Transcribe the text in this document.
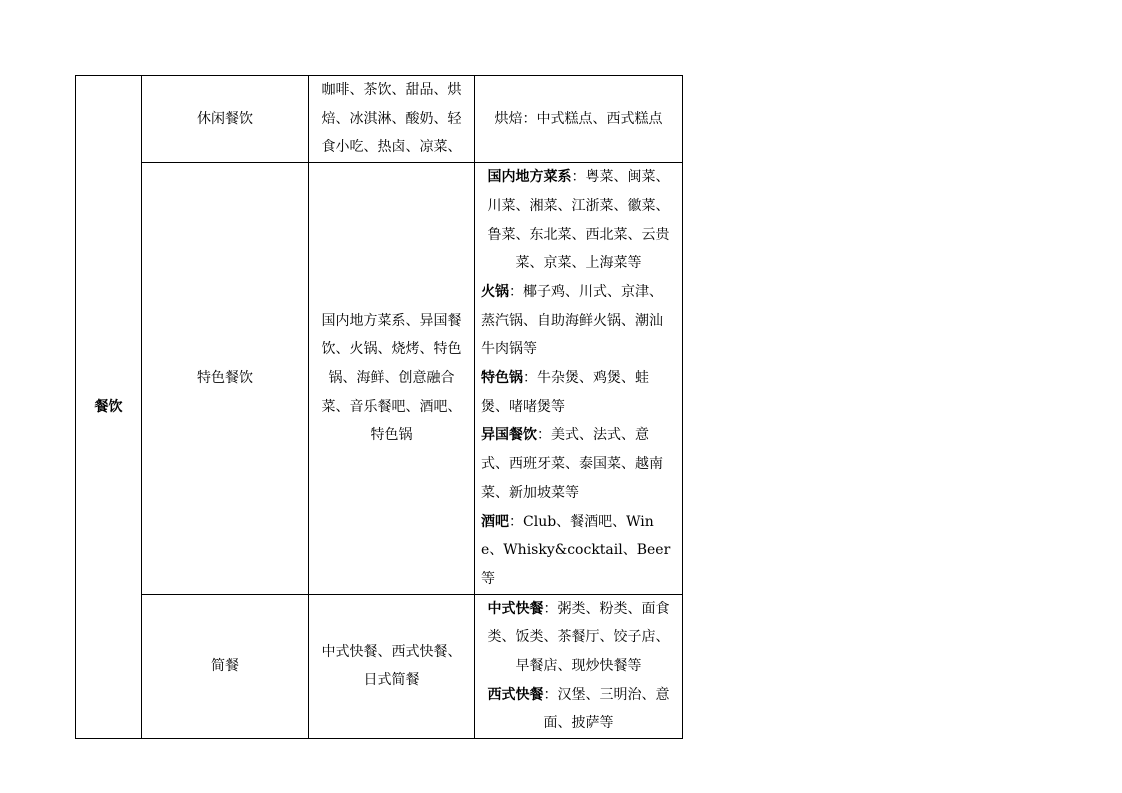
餐饮	休闲餐饮	咖啡、茶饮、甜品、烘焙、冰淇淋、酸奶、轻食小吃、热卤、凉菜、	烘焙：中式糕点、西式糕点

	特色餐饮	国内地方菜系、异国餐饮、火锅、烧烤、特色锅、海鲜、创意融合菜、音乐餐吧、酒吧、特色锅	国内地方菜系：粤菜、闽菜、川菜、湘菜、江浙菜、徽菜、鲁菜、东北菜、西北菜、云贵菜、京菜、上海菜等
火锅：椰子鸡、川式、京津、蒸汽锅、自助海鲜火锅、潮汕牛肉锅等
特色锅：牛杂煲、鸡煲、蛙煲、啫啫煲等
异国餐饮：美式、法式、意式、西班牙菜、泰国菜、越南菜、新加坡菜等
酒吧：Club、餐酒吧、Wine、Whisky&cocktail、Beer等

	简餐	中式快餐、西式快餐、日式简餐	中式快餐：粥类、粉类、面食类、饭类、茶餐厅、饺子店、早餐店、现炒快餐等
西式快餐：汉堡、三明治、意面、披萨等
